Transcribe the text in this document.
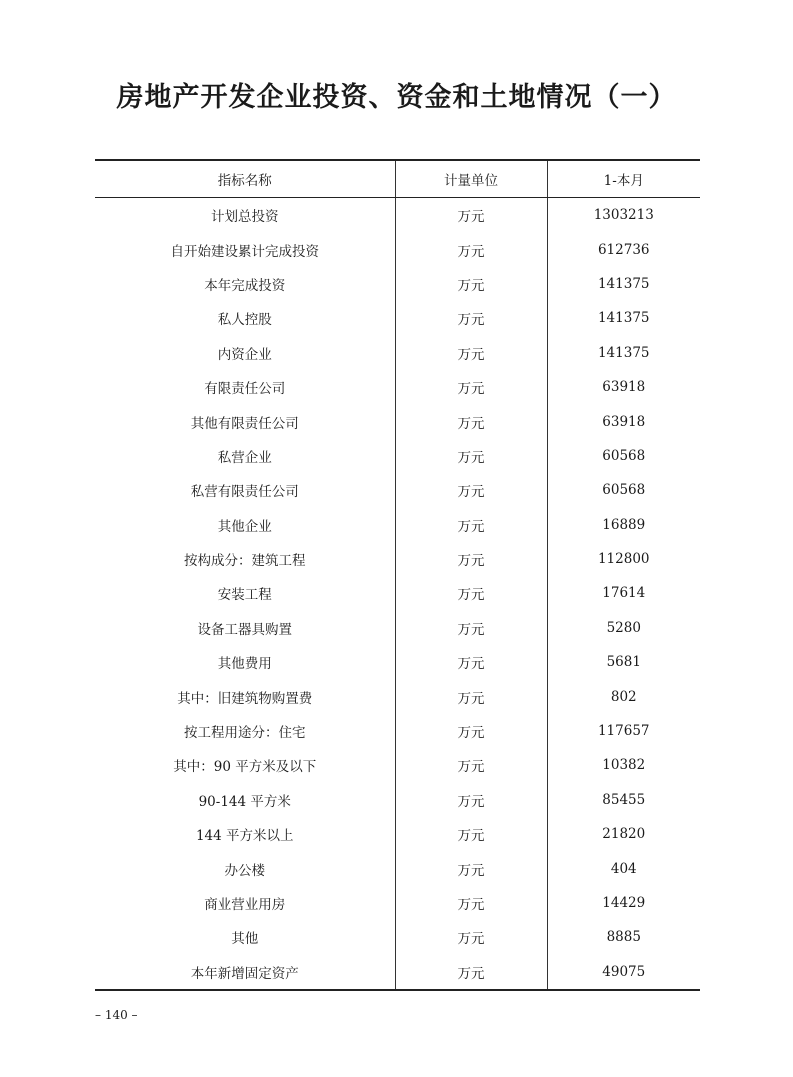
房地产开发企业投资、资金和土地情况（一）
指标名称	计量单位	1-本月
计划总投资	万元	1303213
自开始建设累计完成投资	万元	612736
本年完成投资	万元	141375
私人控股	万元	141375
内资企业	万元	141375
有限责任公司	万元	63918
其他有限责任公司	万元	63918
私营企业	万元	60568
私营有限责任公司	万元	60568
其他企业	万元	16889
按构成分：建筑工程	万元	112800
安装工程	万元	17614
设备工器具购置	万元	5280
其他费用	万元	5681
其中：旧建筑物购置费	万元	802
按工程用途分：住宅	万元	117657
其中：90 平方米及以下	万元	10382
90-144 平方米	万元	85455
144 平方米以上	万元	21820
办公楼	万元	404
商业营业用房	万元	14429
其他	万元	8885
本年新增固定资产	万元	49075
– 140 –
